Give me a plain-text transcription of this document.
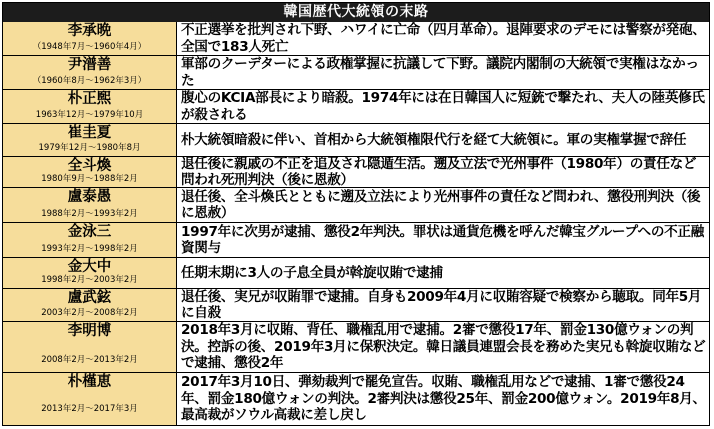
韓国歴代大統領の末路
李承晩
（1948年7月〜1960年4月）
不正選挙を批判され下野、ハワイに亡命（四月革命）。退陣要求のデモには警察が発砲、全国で183人死亡
尹潽善
（1960年8月〜1962年3月）
軍部のクーデターによる政権掌握に抗議して下野。議院内閣制の大統領で実権はなかった
朴正煕
1963年12月〜1979年10月
腹心のKCIA部長により暗殺。1974年には在日韓国人に短銃で撃たれ、夫人の陸英修氏が殺される
崔圭夏
1979年12月〜1980年8月
朴大統領暗殺に伴い、首相から大統領権限代行を経て大統領に。軍の実権掌握で辞任
全斗煥
1980年9月〜1988年2月
退任後に親戚の不正を追及され隠遁生活。遡及立法で光州事件（1980年）の責任など問われ死刑判決（後に恩赦）
盧泰愚
1988年2月〜1993年2月
退任後、全斗煥氏とともに遡及立法により光州事件の責任など問われ、懲役刑判決（後に恩赦）
金泳三
1993年2月〜1998年2月
1997年に次男が逮捕、懲役2年判決。罪状は通貨危機を呼んだ韓宝グループへの不正融資関与
金大中
1998年2月〜2003年2月	任期末期に3人の子息全員が斡旋収賄で逮捕
盧武鉉
2003年2月〜2008年2月
退任後、実兄が収賄罪で逮捕。自身も2009年4月に収賄容疑で検察から聴取。同年5月に自殺
李明博
2008年2月〜2013年2月
2018年3月に収賄、背任、職権乱用で逮捕。2審で懲役17年、罰金130億ウォンの判決。控訴の後、2019年3月に保釈決定。韓日議員連盟会長を務めた実兄も斡旋収賄などで逮捕、懲役2年
朴槿恵
2013年2月〜2017年3月
2017年3月10日、弾劾裁判で罷免宣告。収賄、職権乱用などで逮捕、1審で懲役24年、罰金180億ウォンの判決。2審判決は懲役25年、罰金200億ウォン。2019年8月、最高裁がソウル高裁に差し戻し
